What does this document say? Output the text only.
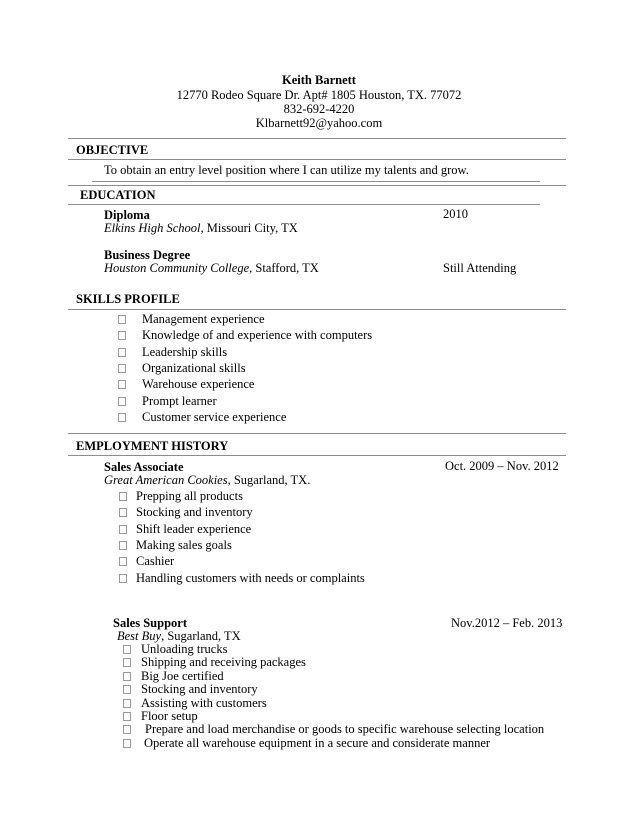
Keith Barnett
12770 Rodeo Square Dr. Apt# 1805 Houston, TX. 77072
832-692-4220
Klbarnett92@yahoo.com
OBJECTIVE
To obtain an entry level position where I can utilize my talents and grow.
EDUCATION
Diploma	2010
Elkins High School, Missouri City, TX
Business Degree
Houston Community College, Stafford, TX	Still Attending
SKILLS PROFILE
Management experience
Knowledge of and experience with computers
Leadership skills
Organizational skills
Warehouse experience
Prompt learner
Customer service experience
EMPLOYMENT HISTORY
Sales Associate	Oct. 2009 – Nov. 2012
Great American Cookies, Sugarland, TX.
Prepping all products
Stocking and inventory
Shift leader experience
Making sales goals
Cashier
Handling customers with needs or complaints
Sales Support	Nov.2012 – Feb. 2013
Best Buy, Sugarland, TX
Unloading trucks
Shipping and receiving packages
Big Joe certified
Stocking and inventory
Assisting with customers
Floor setup
Prepare and load merchandise or goods to specific warehouse selecting location
Operate all warehouse equipment in a secure and considerate manner
